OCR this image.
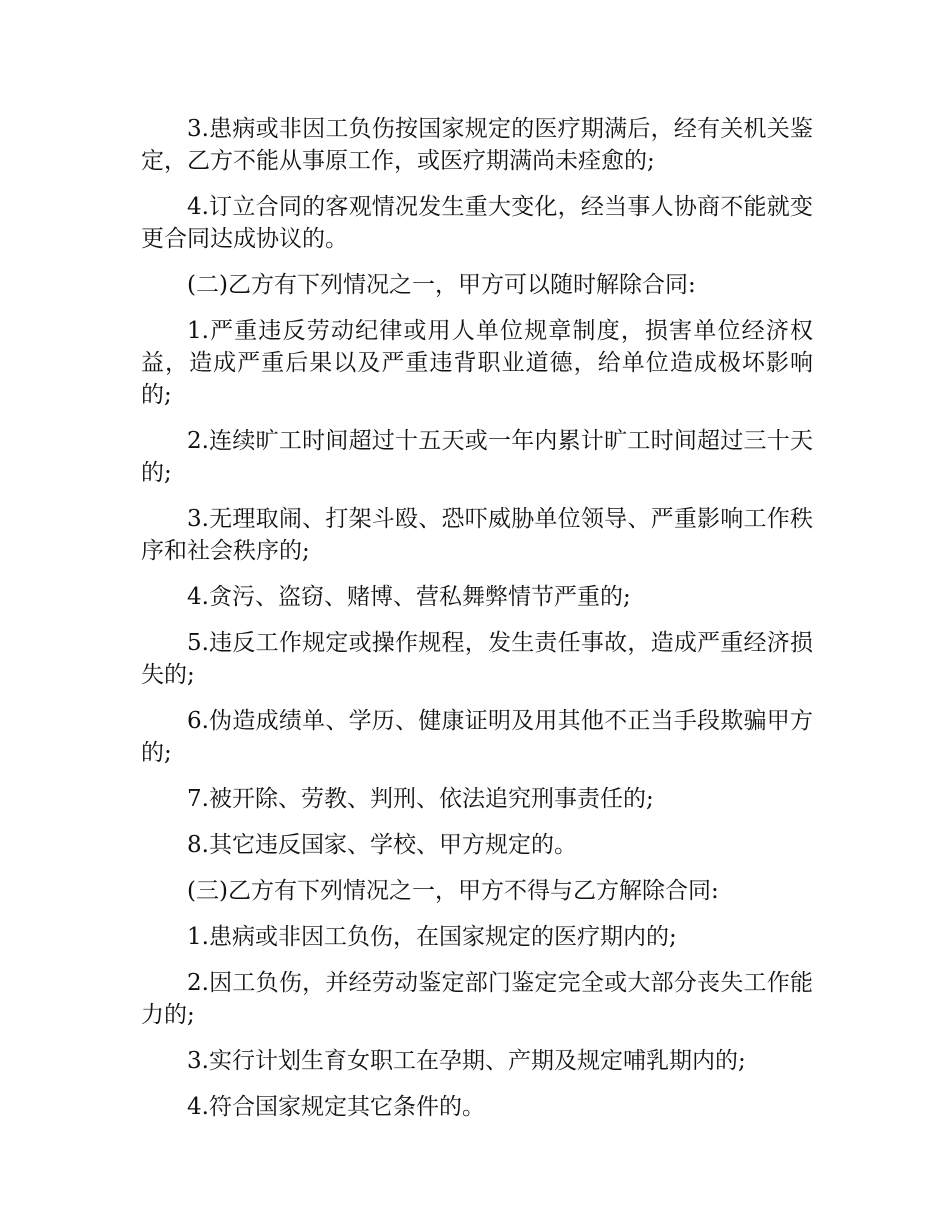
3.患病或非因工负伤按国家规定的医疗期满后，经有关机关鉴定，乙方不能从事原工作，或医疗期满尚未痊愈的;

4.订立合同的客观情况发生重大变化，经当事人协商不能就变更合同达成协议的。

(二)乙方有下列情况之一，甲方可以随时解除合同:

1.严重违反劳动纪律或用人单位规章制度，损害单位经济权益，造成严重后果以及严重违背职业道德，给单位造成极坏影响的;

2.连续旷工时间超过十五天或一年内累计旷工时间超过三十天的;

3.无理取闹、打架斗殴、恐吓威胁单位领导、严重影响工作秩序和社会秩序的;

4.贪污、盗窃、赌博、营私舞弊情节严重的;

5.违反工作规定或操作规程，发生责任事故，造成严重经济损失的;

6.伪造成绩单、学历、健康证明及用其他不正当手段欺骗甲方的;

7.被开除、劳教、判刑、依法追究刑事责任的;

8.其它违反国家、学校、甲方规定的。

(三)乙方有下列情况之一，甲方不得与乙方解除合同:

1.患病或非因工负伤，在国家规定的医疗期内的;

2.因工负伤，并经劳动鉴定部门鉴定完全或大部分丧失工作能力的;

3.实行计划生育女职工在孕期、产期及规定哺乳期内的;

4.符合国家规定其它条件的。
